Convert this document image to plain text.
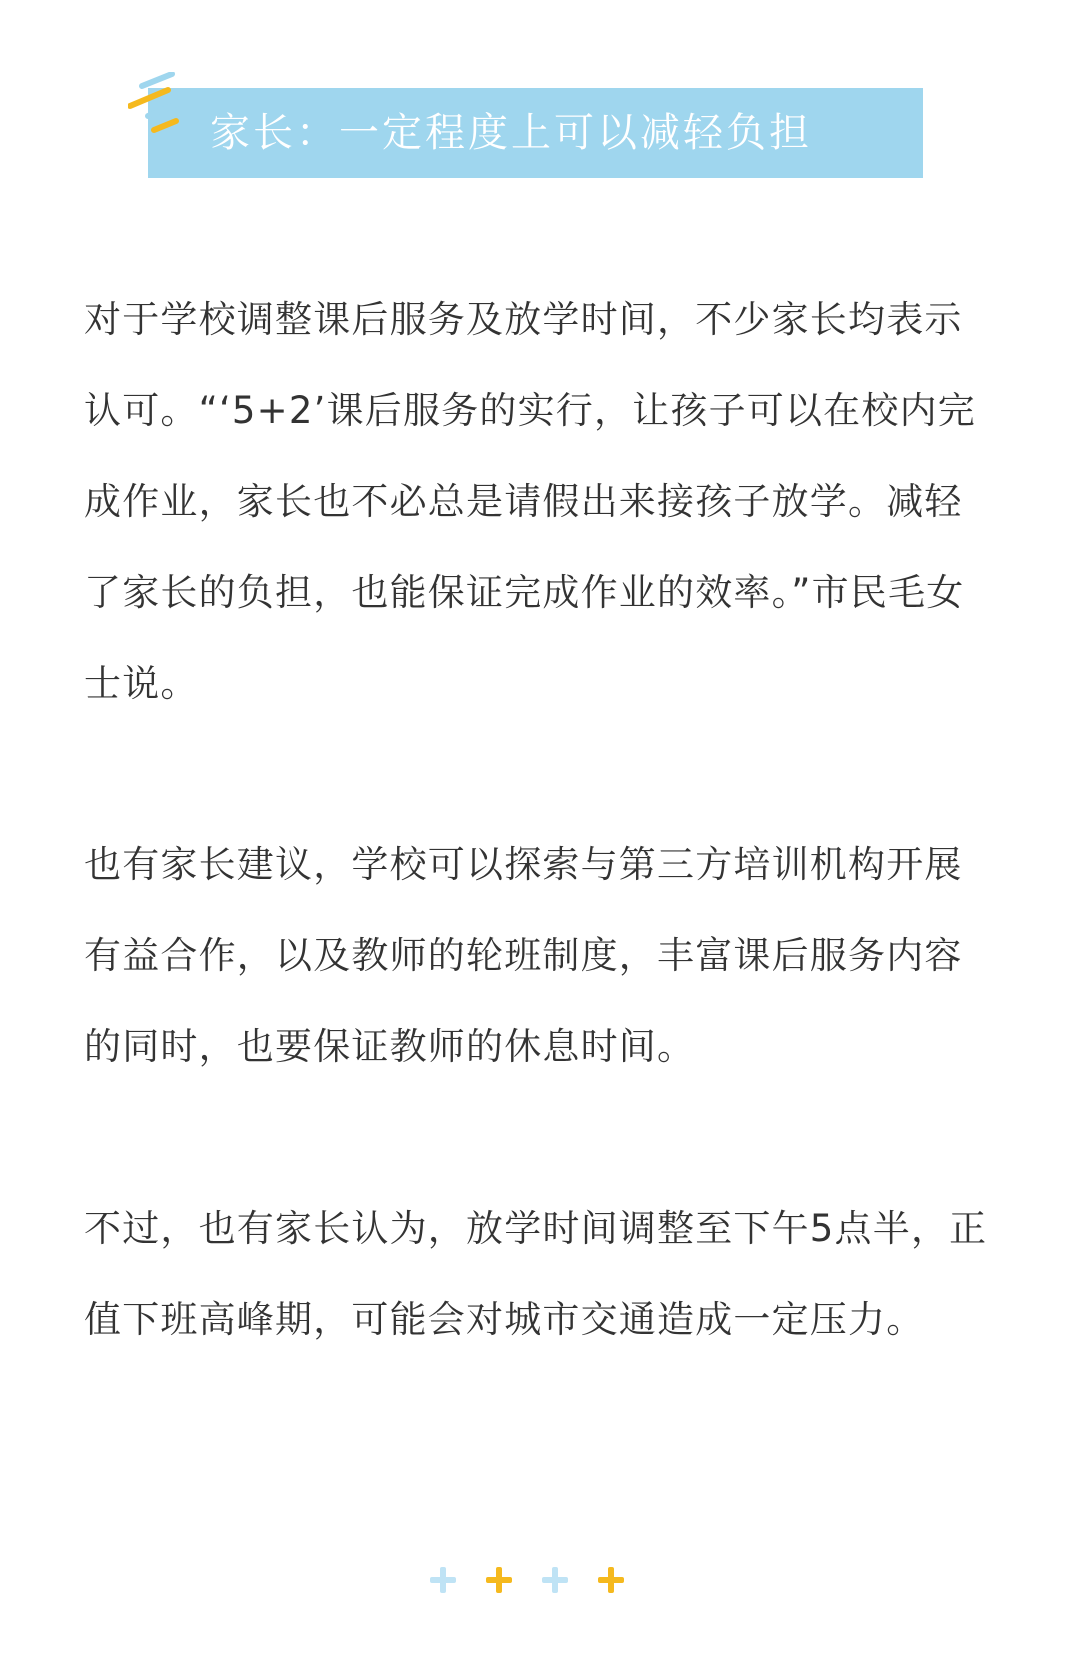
家长：一定程度上可以减轻负担

对于学校调整课后服务及放学时间，不少家长均表示认可。“‘5+2’课后服务的实行，让孩子可以在校内完成作业，家长也不必总是请假出来接孩子放学。减轻了家长的负担，也能保证完成作业的效率。”市民毛女士说。

也有家长建议，学校可以探索与第三方培训机构开展有益合作，以及教师的轮班制度，丰富课后服务内容的同时，也要保证教师的休息时间。

不过，也有家长认为，放学时间调整至下午5点半，正值下班高峰期，可能会对城市交通造成一定压力。
